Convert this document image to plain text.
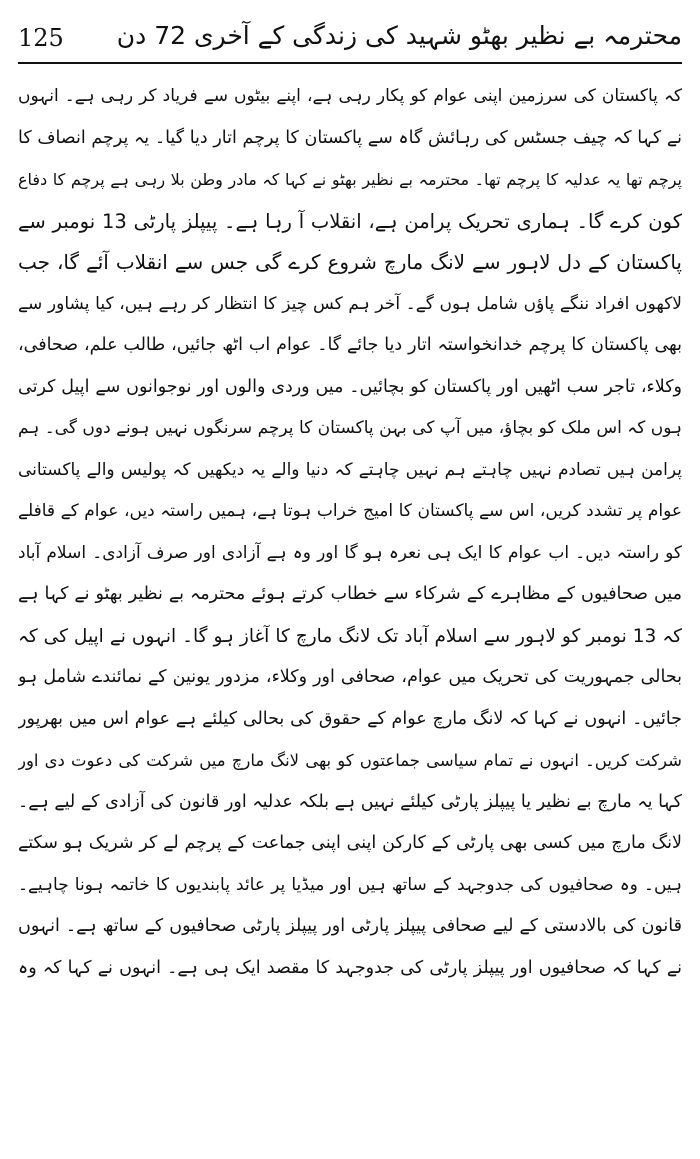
125 محترمہ بے نظیر بھٹو شہید کی زندگی کے آخری 72 دن
کہ پاکستان کی سرزمین اپنی عوام کو پکار رہی ہے، اپنے بیٹوں سے فریاد کر رہی ہے۔ انہوں
نے کہا کہ چیف جسٹس کی رہائش گاہ سے پاکستان کا پرچم اتار دیا گیا۔ یہ پرچم انصاف کا
پرچم تھا یہ عدلیہ کا پرچم تھا۔ محترمہ بے نظیر بھٹو نے کہا کہ مادر وطن بلا رہی ہے پرچم کا دفاع
کون کرے گا۔ ہماری تحریک پرامن ہے، انقلاب آ رہا ہے۔ پیپلز پارٹی 13 نومبر سے
پاکستان کے دل لاہور سے لانگ مارچ شروع کرے گی جس سے انقلاب آئے گا، جب
لاکھوں افراد ننگے پاؤں شامل ہوں گے۔ آخر ہم کس چیز کا انتظار کر رہے ہیں، کیا پشاور سے
بھی پاکستان کا پرچم خدانخواستہ اتار دیا جائے گا۔ عوام اب اٹھ جائیں، طالب علم، صحافی،
وکلاء، تاجر سب اٹھیں اور پاکستان کو بچائیں۔ میں وردی والوں اور نوجوانوں سے اپیل کرتی
ہوں کہ اس ملک کو بچاؤ، میں آپ کی بہن پاکستان کا پرچم سرنگوں نہیں ہونے دوں گی۔ ہم
پرامن ہیں تصادم نہیں چاہتے ہم نہیں چاہتے کہ دنیا والے یہ دیکھیں کہ پولیس والے پاکستانی
عوام پر تشدد کریں، اس سے پاکستان کا امیج خراب ہوتا ہے، ہمیں راستہ دیں، عوام کے قافلے
کو راستہ دیں۔ اب عوام کا ایک ہی نعرہ ہو گا اور وہ ہے آزادی اور صرف آزادی۔ اسلام آباد
میں صحافیوں کے مظاہرے کے شرکاء سے خطاب کرتے ہوئے محترمہ بے نظیر بھٹو نے کہا ہے
کہ 13 نومبر کو لاہور سے اسلام آباد تک لانگ مارچ کا آغاز ہو گا۔ انہوں نے اپیل کی کہ
بحالی جمہوریت کی تحریک میں عوام، صحافی اور وکلاء، مزدور یونین کے نمائندے شامل ہو
جائیں۔ انہوں نے کہا کہ لانگ مارچ عوام کے حقوق کی بحالی کیلئے ہے عوام اس میں بھرپور
شرکت کریں۔ انہوں نے تمام سیاسی جماعتوں کو بھی لانگ مارچ میں شرکت کی دعوت دی اور
کہا یہ مارچ بے نظیر یا پیپلز پارٹی کیلئے نہیں ہے بلکہ عدلیہ اور قانون کی آزادی کے لیے ہے۔
لانگ مارچ میں کسی بھی پارٹی کے کارکن اپنی اپنی جماعت کے پرچم لے کر شریک ہو سکتے
ہیں۔ وہ صحافیوں کی جدوجہد کے ساتھ ہیں اور میڈیا پر عائد پابندیوں کا خاتمہ ہونا چاہیے۔
قانون کی بالادستی کے لیے صحافی پیپلز پارٹی اور پیپلز پارٹی صحافیوں کے ساتھ ہے۔ انہوں
نے کہا کہ صحافیوں اور پیپلز پارٹی کی جدوجہد کا مقصد ایک ہی ہے۔ انہوں نے کہا کہ وہ
